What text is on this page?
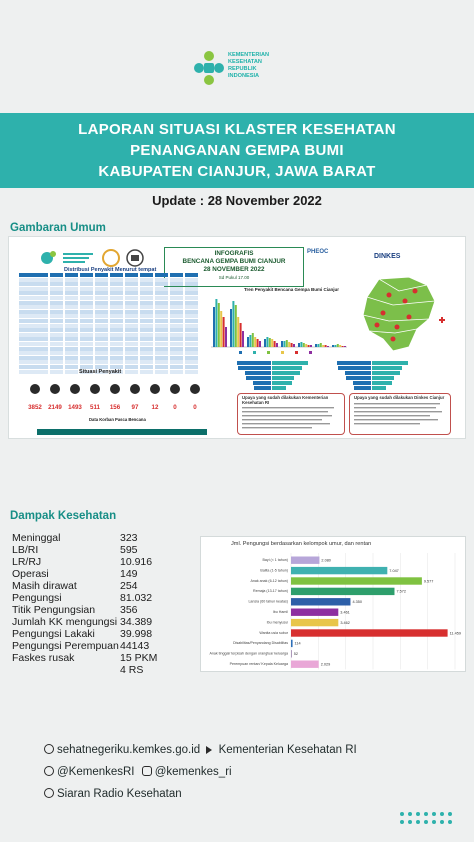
KEMENTERIAN
KESEHATAN
REPUBLIK
INDONESIA
LAPORAN SITUASI KLASTER KESEHATAN
PENANGANAN GEMPA BUMI
KABUPATEN CIANJUR, JAWA BARAT
Update : 28 November 2022
Gambaran Umum
INFOGRAFIS
BENCANA GEMPA BUMI CIANJUR
28 NOVEMBER 2022
Sd Pukul 17.00
PHEOC
DINKES
Distribusi Penyakit Menurut tempat
Tren Penyakit Bencana Gempa Bumi Cianjur
Situasi Penyakit
3852 2149 1493 511 156 97 12 0	0
Data Korban Pasca Bencana
Upaya yang sudah dilakukan Kementerian Kesehatan RI
Upaya yang sudah dilakukan Dinkes Cianjur
Dampak Kesehatan
Meninggal	323
LB/RI	595
LR/RJ	10.916
Operasi	149
Masih dirawat	254
Pengungsi	81.032
Titik Pengungsian 356
Jumlah KK mengungsi 34.389
Pengungsi Lakaki 39.998
Pengungsi Perempuan 44143
Faskes rusak	15 PKM
4 RS
Jml. Pengungsi berdasarkan kelompok umur, dan rentan
Bayi (< 1 tahun)	2.080
Balita (1-5 tahun)	7.047
Anak anak (6-12 tahun)	9.577
Remaja (13-17 tahun)	7.572
Lansia (60 tahun keatas)	4.350
Ibu Hamil	3.461
Ibu menyusui	3.462
Wanita usia subur	11.459
Disabilitas/Penyandang Disabilitas 114
Anak tinggal/ terpisah dengan orangtua/ keluarga 52
Perempuan rentan/ Kepala Keluarga	2.029
sehatnegeriku.kemkes.go.id Kementerian Kesehatan RI
@KemenkesRI @kemenkes_ri
Siaran Radio Kesehatan
